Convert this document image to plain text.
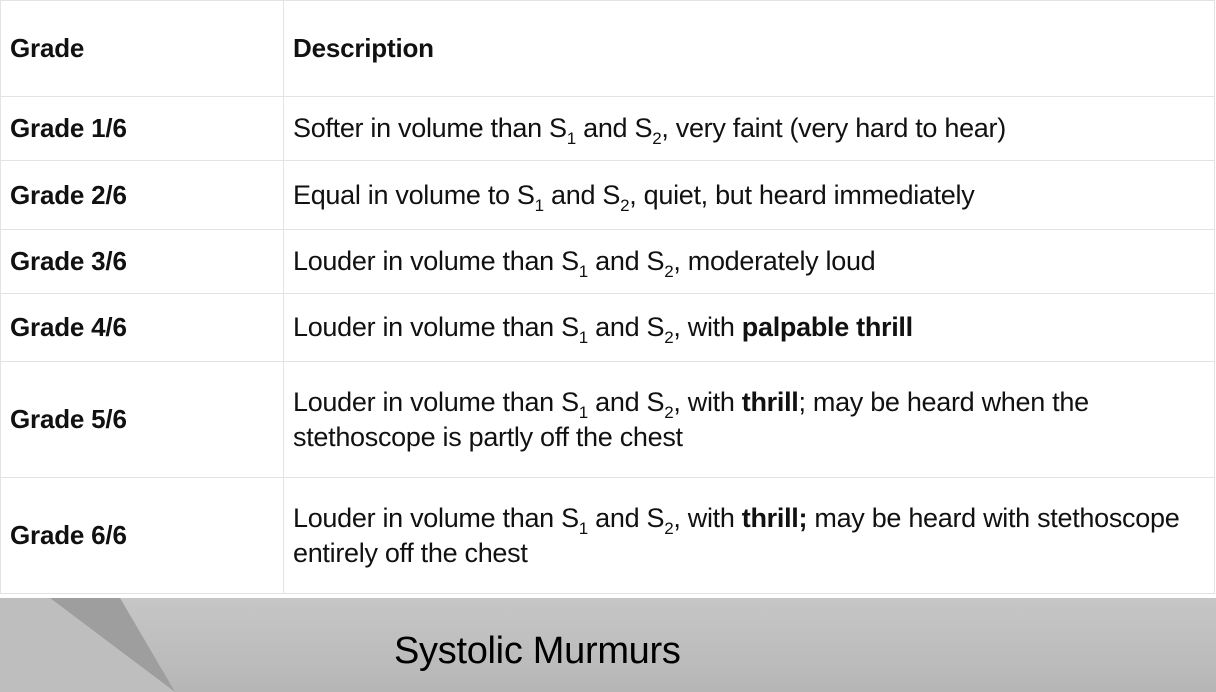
Grade	Description
Grade 1/6	Softer in volume than $S_1$ and $S_2$, very faint (very hard to hear)
Grade 2/6	Equal in volume to $S_1$ and $S_2$, quiet, but heard immediately
Grade 3/6	Louder in volume than $S_1$ and $S_2$, moderately loud
Grade 4/6	Louder in volume than $S_1$ and $S_2$, with palpable thrill
Grade 5/6	Louder in volume than $S_1$ and $S_2$, with thrill; may be heard when the stethoscope is partly off the chest
Grade 6/6	Louder in volume than $S_1$ and $S_2$, with thrill; may be heard with stethoscope entirely off the chest
Systolic Murmurs
